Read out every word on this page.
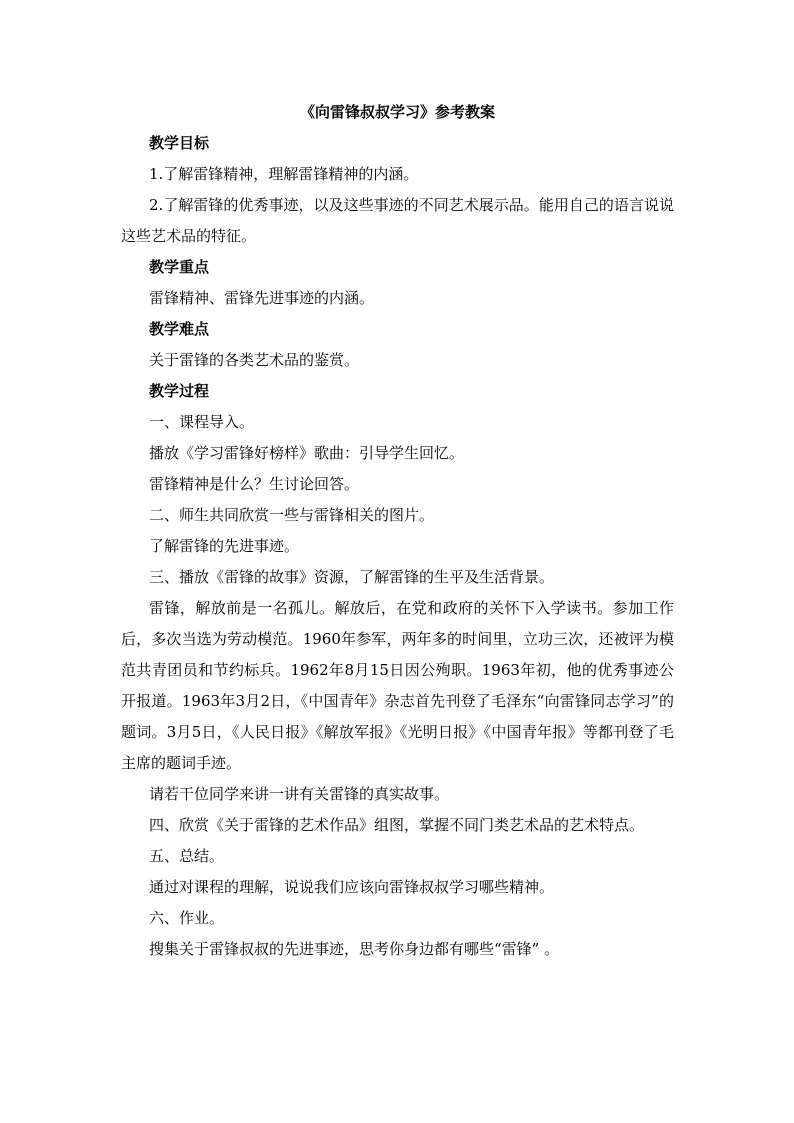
《向雷锋叔叔学习》参考教案

教学目标

1.了解雷锋精神，理解雷锋精神的内涵。

2.了解雷锋的优秀事迹，以及这些事迹的不同艺术展示品。能用自己的语言说说这些艺术品的特征。

教学重点

雷锋精神、雷锋先进事迹的内涵。

教学难点

关于雷锋的各类艺术品的鉴赏。

教学过程

一、课程导入。

播放《学习雷锋好榜样》歌曲：引导学生回忆。

雷锋精神是什么？生讨论回答。

二、师生共同欣赏一些与雷锋相关的图片。

了解雷锋的先进事迹。

三、播放《雷锋的故事》资源，了解雷锋的生平及生活背景。

雷锋，解放前是一名孤儿。解放后，在党和政府的关怀下入学读书。参加工作后，多次当选为劳动模范。1960年参军，两年多的时间里，立功三次，还被评为模范共青团员和节约标兵。1962年8月15日因公殉职。1963年初，他的优秀事迹公开报道。1963年3月2日，《中国青年》杂志首先刊登了毛泽东“向雷锋同志学习”的题词。3月5日，《人民日报》《解放军报》《光明日报》《中国青年报》等都刊登了毛主席的题词手迹。

请若干位同学来讲一讲有关雷锋的真实故事。

四、欣赏《关于雷锋的艺术作品》组图，掌握不同门类艺术品的艺术特点。

五、总结。

通过对课程的理解，说说我们应该向雷锋叔叔学习哪些精神。

六、作业。

搜集关于雷锋叔叔的先进事迹，思考你身边都有哪些“雷锋” 。
